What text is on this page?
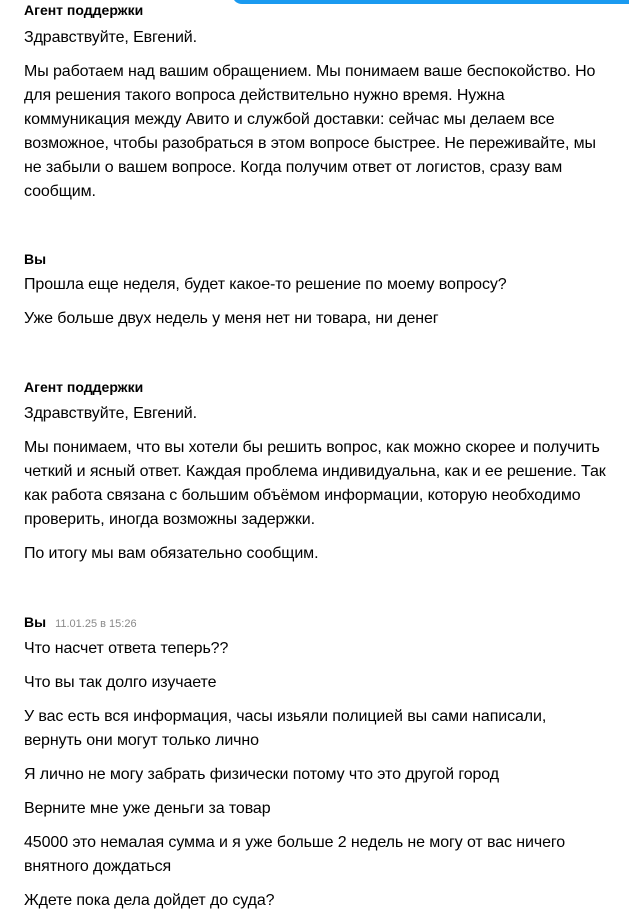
Агент поддержки

Здравствуйте, Евгений.

Мы работаем над вашим обращением. Мы понимаем ваше беспокойство. Но для решения такого вопроса действительно нужно время. Нужна коммуникация между Авито и службой доставки: сейчас мы делаем все возможное, чтобы разобраться в этом вопросе быстрее. Не переживайте, мы не забыли о вашем вопросе. Когда получим ответ от логистов, сразу вам сообщим.

Вы

Прошла еще неделя, будет какое-то решение по моему вопросу?

Уже больше двух недель у меня нет ни товара, ни денег

Агент поддержки

Здравствуйте, Евгений.

Мы понимаем, что вы хотели бы решить вопрос, как можно скорее и получить четкий и ясный ответ. Каждая проблема индивидуальна, как и ее решение. Так как работа связана с большим объёмом информации, которую необходимо проверить, иногда возможны задержки.

По итогу мы вам обязательно сообщим.

Вы 11.01.25 в 15:26

Что насчет ответа теперь??

Что вы так долго изучаете

У вас есть вся информация, часы изьяли полицией вы сами написали, вернуть они могут только лично

Я лично не могу забрать физически потому что это другой город

Верните мне уже деньги за товар

45000 это немалая сумма и я уже больше 2 недель не могу от вас ничего внятного дождаться

Ждете пока дела дойдет до суда?
